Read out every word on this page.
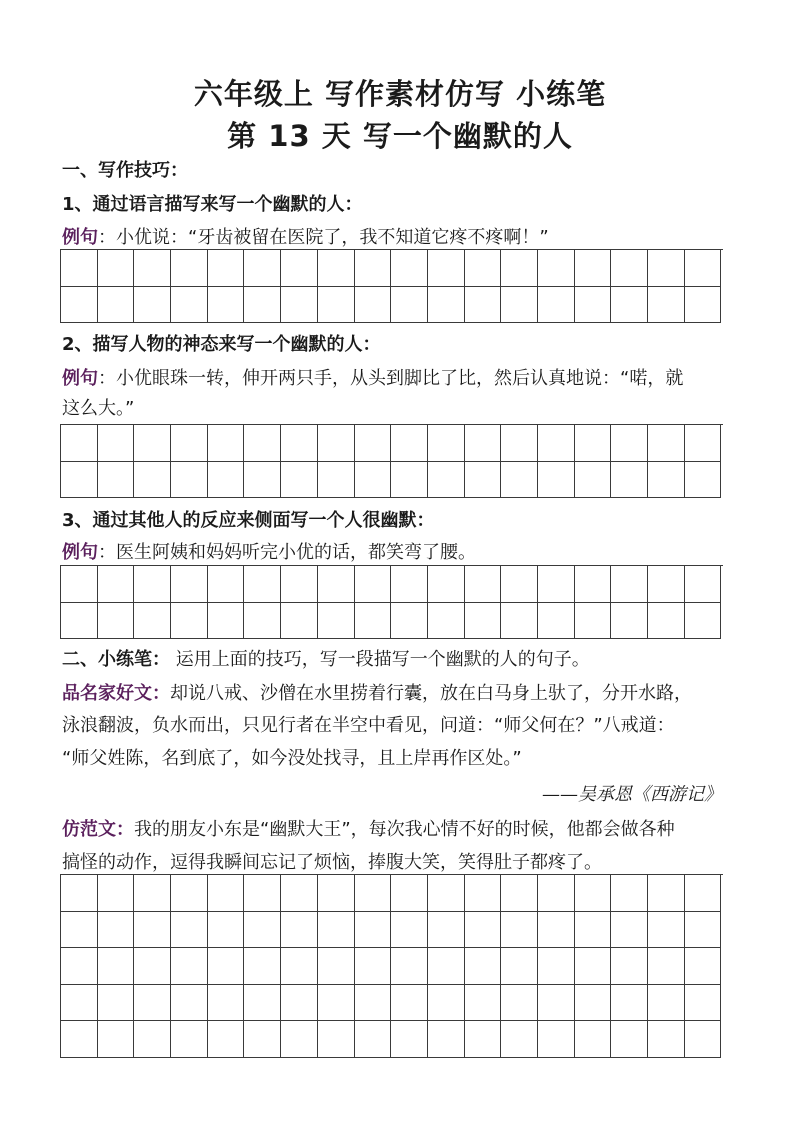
六年级上 写作素材仿写 小练笔
第 13 天 写一个幽默的人

一、写作技巧：

1、通过语言描写来写一个幽默的人：

例句：小优说：“牙齿被留在医院了，我不知道它疼不疼啊！”

2、描写人物的神态来写一个幽默的人：

例句：小优眼珠一转，伸开两只手，从头到脚比了比，然后认真地说：“喏，就

这么大。”

3、通过其他人的反应来侧面写一个人很幽默：

例句：医生阿姨和妈妈听完小优的话，都笑弯了腰。

二、小练笔： 运用上面的技巧，写一段描写一个幽默的人的句子。

品名家好文：却说八戒、沙僧在水里捞着行囊，放在白马身上驮了，分开水路，

泳浪翻波，负水而出，只见行者在半空中看见，问道：“师父何在？”八戒道：

“师父姓陈，名到底了，如今没处找寻，且上岸再作区处。”

——吴承恩《西游记》

仿范文：我的朋友小东是“幽默大王”，每次我心情不好的时候，他都会做各种

搞怪的动作，逗得我瞬间忘记了烦恼，捧腹大笑，笑得肚子都疼了。
